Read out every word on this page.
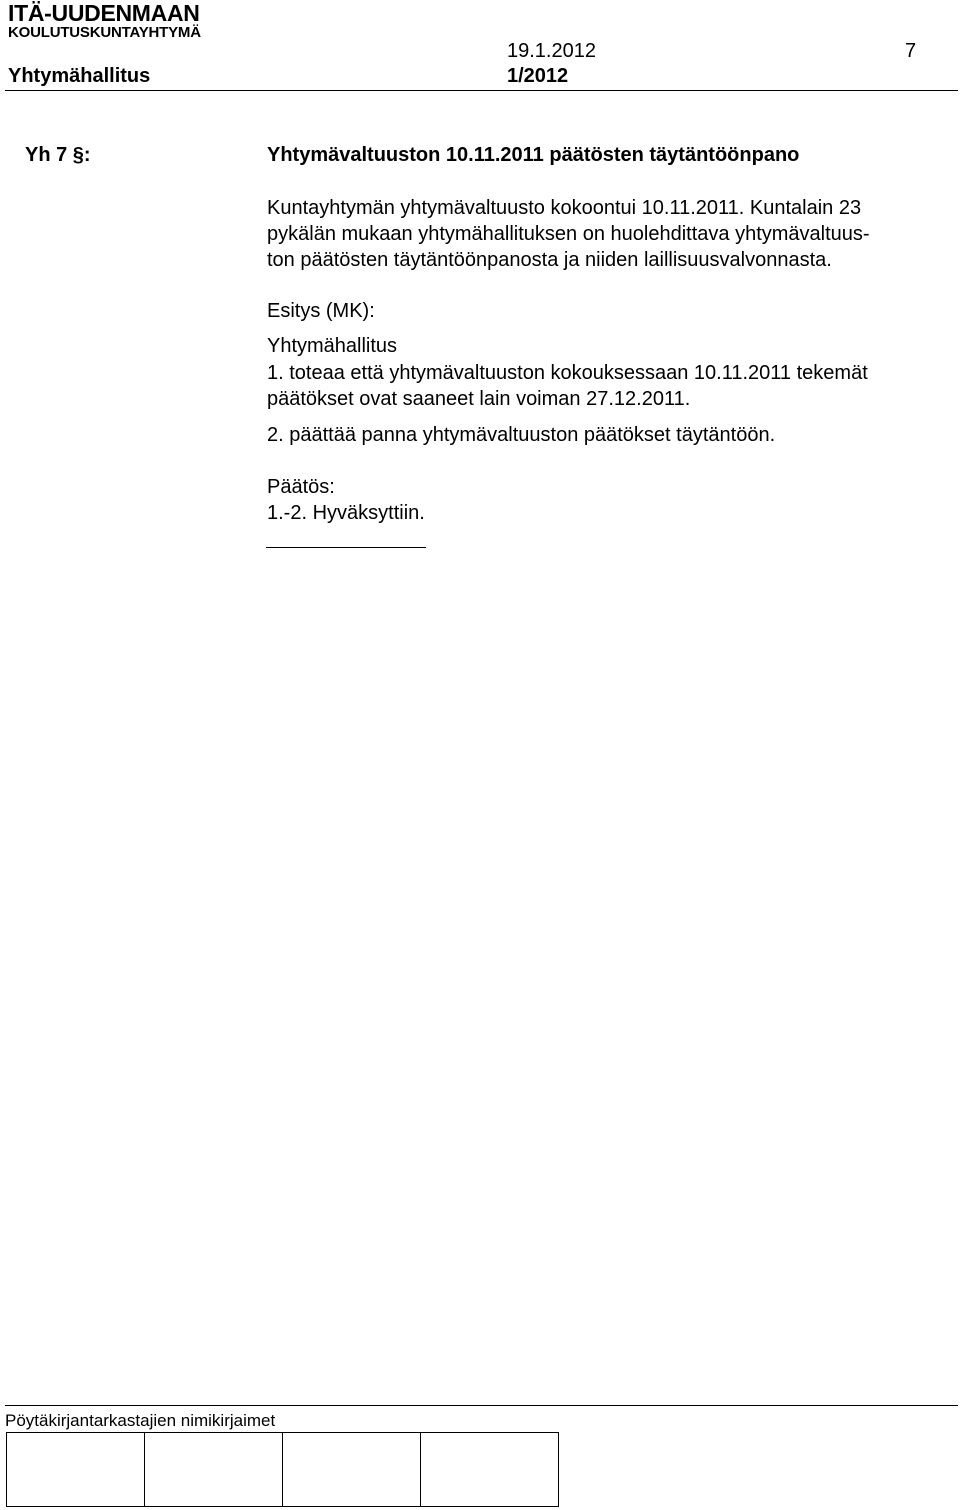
ITÄ-UUDENMAAN
KOULUTUSKUNTAYHTYMÄ
19.1.2012	7
Yhtymähallitus	1/2012
Yh 7 §:	Yhtymävaltuuston 10.11.2011 päätösten täytäntöönpano
Kuntayhtymän yhtymävaltuusto kokoontui 10.11.2011. Kuntalain 23
pykälän mukaan yhtymähallituksen on huolehdittava yhtymävaltuus-
ton päätösten täytäntöönpanosta ja niiden laillisuusvalvonnasta.
Esitys (MK):
Yhtymähallitus
1. toteaa että yhtymävaltuuston kokouksessaan 10.11.2011 tekemät
päätökset ovat saaneet lain voiman 27.12.2011.
2. päättää panna yhtymävaltuuston päätökset täytäntöön.
Päätös:
1.-2. Hyväksyttiin.
Pöytäkirjantarkastajien nimikirjaimet
